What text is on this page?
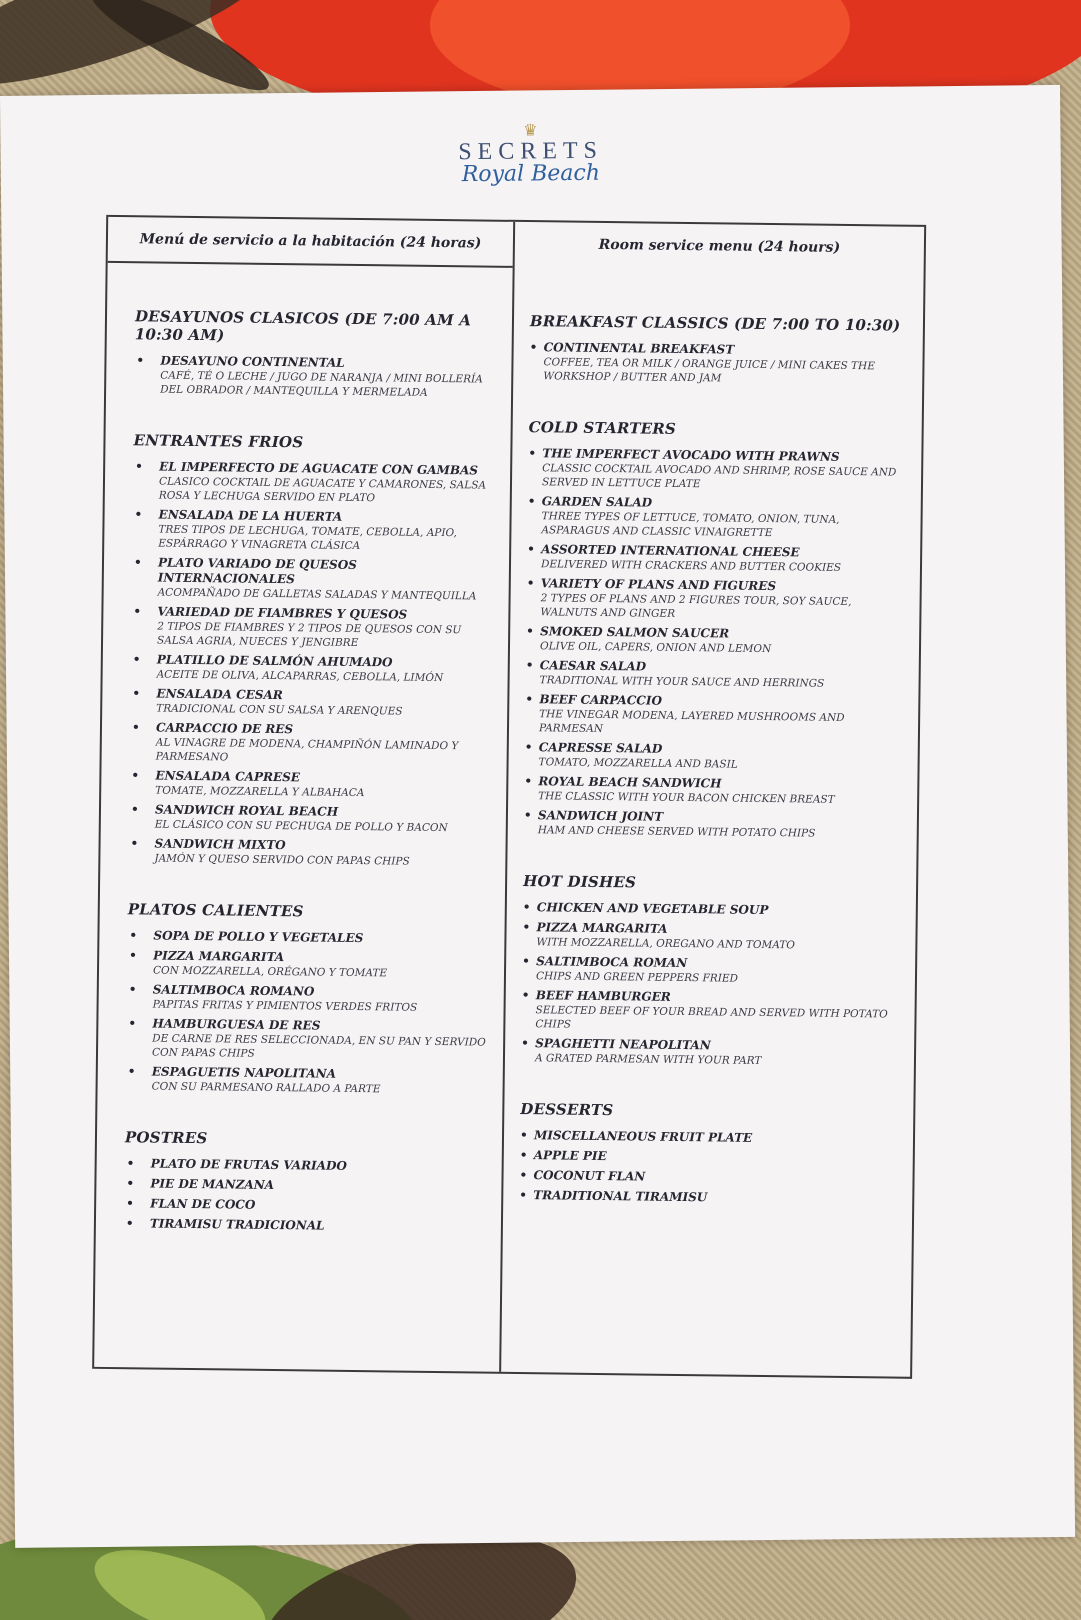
♛
SECRETS
Royal Beach
Menú de servicio a la habitación (24 horas)
DESAYUNOS CLASICOS (DE 7:00 AM A 10:30 AM)
• DESAYUNO CONTINENTAL
CAFÉ, TÉ O LECHE / JUGO DE NARANJA / MINI BOLLERÍA DEL OBRADOR / MANTEQUILLA Y MERMELADA
ENTRANTES FRIOS
• EL IMPERFECTO DE AGUACATE CON GAMBAS
CLASICO COCKTAIL DE AGUACATE Y CAMARONES, SALSA ROSA Y LECHUGA SERVIDO EN PLATO
• ENSALADA DE LA HUERTA
TRES TIPOS DE LECHUGA, TOMATE, CEBOLLA, APIO, ESPÁRRAGO Y VINAGRETA CLÁSICA
• PLATO VARIADO DE QUESOS INTERNACIONALES
ACOMPAÑADO DE GALLETAS SALADAS Y MANTEQUILLA
• VARIEDAD DE FIAMBRES Y QUESOS
2 TIPOS DE FIAMBRES Y 2 TIPOS DE QUESOS CON SU SALSA AGRIA, NUECES Y JENGIBRE
• PLATILLO DE SALMÓN AHUMADO
ACEITE DE OLIVA, ALCAPARRAS, CEBOLLA, LIMÓN
• ENSALADA CESAR
TRADICIONAL CON SU SALSA Y ARENQUES
• CARPACCIO DE RES
AL VINAGRE DE MODENA, CHAMPIÑÓN LAMINADO Y PARMESANO
• ENSALADA CAPRESE
TOMATE, MOZZARELLA Y ALBAHACA
• SANDWICH ROYAL BEACH
EL CLÁSICO CON SU PECHUGA DE POLLO Y BACON
• SANDWICH MIXTO
JAMÓN Y QUESO SERVIDO CON PAPAS CHIPS
PLATOS CALIENTES
• SOPA DE POLLO Y VEGETALES
• PIZZA MARGARITA
CON MOZZARELLA, ORÉGANO Y TOMATE
• SALTIMBOCA ROMANO
PAPITAS FRITAS Y PIMIENTOS VERDES FRITOS
• HAMBURGUESA DE RES
DE CARNE DE RES SELECCIONADA, EN SU PAN Y SERVIDO CON PAPAS CHIPS
• ESPAGUETIS NAPOLITANA
CON SU PARMESANO RALLADO A PARTE
POSTRES
• PLATO DE FRUTAS VARIADO
• PIE DE MANZANA
• FLAN DE COCO
• TIRAMISU TRADICIONAL
Room service menu (24 hours)
BREAKFAST CLASSICS (DE 7:00 TO 10:30)
• CONTINENTAL BREAKFAST
COFFEE, TEA OR MILK / ORANGE JUICE / MINI CAKES THE WORKSHOP / BUTTER AND JAM
COLD STARTERS
• THE IMPERFECT AVOCADO WITH PRAWNS
CLASSIC COCKTAIL AVOCADO AND SHRIMP, ROSE SAUCE AND SERVED IN LETTUCE PLATE
• GARDEN SALAD
THREE TYPES OF LETTUCE, TOMATO, ONION, TUNA, ASPARAGUS AND CLASSIC VINAIGRETTE
• ASSORTED INTERNATIONAL CHEESE
DELIVERED WITH CRACKERS AND BUTTER COOKIES
• VARIETY OF PLANS AND FIGURES
2 TYPES OF PLANS AND 2 FIGURES TOUR, SOY SAUCE, WALNUTS AND GINGER
• SMOKED SALMON SAUCER
OLIVE OIL, CAPERS, ONION AND LEMON
• CAESAR SALAD
TRADITIONAL WITH YOUR SAUCE AND HERRINGS
• BEEF CARPACCIO
THE VINEGAR MODENA, LAYERED MUSHROOMS AND PARMESAN
• CAPRESSE SALAD
TOMATO, MOZZARELLA AND BASIL
• ROYAL BEACH SANDWICH
THE CLASSIC WITH YOUR BACON CHICKEN BREAST
• SANDWICH JOINT
HAM AND CHEESE SERVED WITH POTATO CHIPS
HOT DISHES
• CHICKEN AND VEGETABLE SOUP
• PIZZA MARGARITA
WITH MOZZARELLA, OREGANO AND TOMATO
• SALTIMBOCA ROMAN
CHIPS AND GREEN PEPPERS FRIED
• BEEF HAMBURGER
SELECTED BEEF OF YOUR BREAD AND SERVED WITH POTATO CHIPS
• SPAGHETTI NEAPOLITAN
A GRATED PARMESAN WITH YOUR PART
DESSERTS
• MISCELLANEOUS FRUIT PLATE
• APPLE PIE
• COCONUT FLAN
• TRADITIONAL TIRAMISU
